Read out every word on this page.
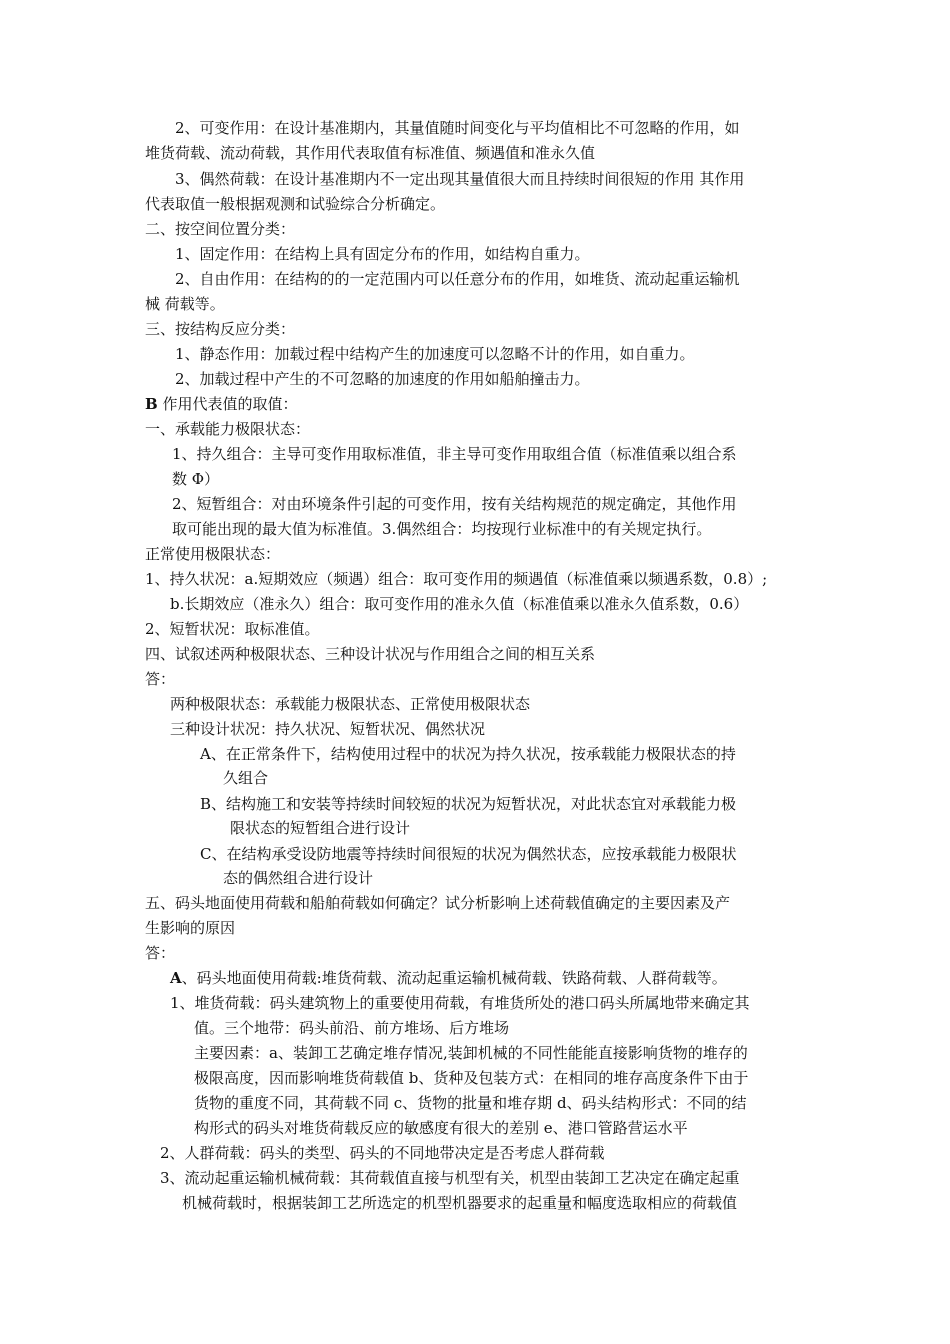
2、可变作用：在设计基准期内，其量值随时间变化与平均值相比不可忽略的作用，如
堆货荷载、流动荷载，其作用代表取值有标准值、频遇值和准永久值
3、偶然荷载：在设计基准期内不一定出现其量值很大而且持续时间很短的作用 其作用
代表取值一般根据观测和试验综合分析确定。
二、按空间位置分类：
1、固定作用：在结构上具有固定分布的作用，如结构自重力。
2、自由作用：在结构的的一定范围内可以任意分布的作用，如堆货、流动起重运输机
械 荷载等。
三、按结构反应分类：
1、静态作用：加载过程中结构产生的加速度可以忽略不计的作用，如自重力。
2、加载过程中产生的不可忽略的加速度的作用如船舶撞击力。
B 作用代表值的取值：
一、承载能力极限状态：
1、持久组合：主导可变作用取标准值，非主导可变作用取组合值（标准值乘以组合系
数 Φ）
2、短暂组合：对由环境条件引起的可变作用，按有关结构规范的规定确定，其他作用
取可能出现的最大值为标准值。3.偶然组合：均按现行业标准中的有关规定执行。
正常使用极限状态：
1、持久状况：a.短期效应（频遇）组合：取可变作用的频遇值（标准值乘以频遇系数，0.8）;
b.长期效应（准永久）组合：取可变作用的准永久值（标准值乘以准永久值系数，0.6）
2、短暂状况：取标准值。
四、试叙述两种极限状态、三种设计状况与作用组合之间的相互关系
答：
两种极限状态：承载能力极限状态、正常使用极限状态
三种设计状况：持久状况、短暂状况、偶然状况
A、在正常条件下，结构使用过程中的状况为持久状况，按承载能力极限状态的持
久组合
B、结构施工和安装等持续时间较短的状况为短暂状况，对此状态宜对承载能力极
限状态的短暂组合进行设计
C、在结构承受设防地震等持续时间很短的状况为偶然状态，应按承载能力极限状
态的偶然组合进行设计
五、码头地面使用荷载和船舶荷载如何确定？试分析影响上述荷载值确定的主要因素及产
生影响的原因
答：
A、码头地面使用荷载:堆货荷载、流动起重运输机械荷载、铁路荷载、人群荷载等。
1、堆货荷载：码头建筑物上的重要使用荷载，有堆货所处的港口码头所属地带来确定其
值。三个地带：码头前沿、前方堆场、后方堆场
主要因素：a、装卸工艺确定堆存情况,装卸机械的不同性能能直接影响货物的堆存的
极限高度，因而影响堆货荷载值 b、货种及包装方式：在相同的堆存高度条件下由于
货物的重度不同，其荷载不同 c、货物的批量和堆存期 d、码头结构形式：不同的结
构形式的码头对堆货荷载反应的敏感度有很大的差别 e、港口管路营运水平
2、人群荷载：码头的类型、码头的不同地带决定是否考虑人群荷载
3、流动起重运输机械荷载：其荷载值直接与机型有关，机型由装卸工艺决定在确定起重
机械荷载时，根据装卸工艺所选定的机型机器要求的起重量和幅度选取相应的荷载值
